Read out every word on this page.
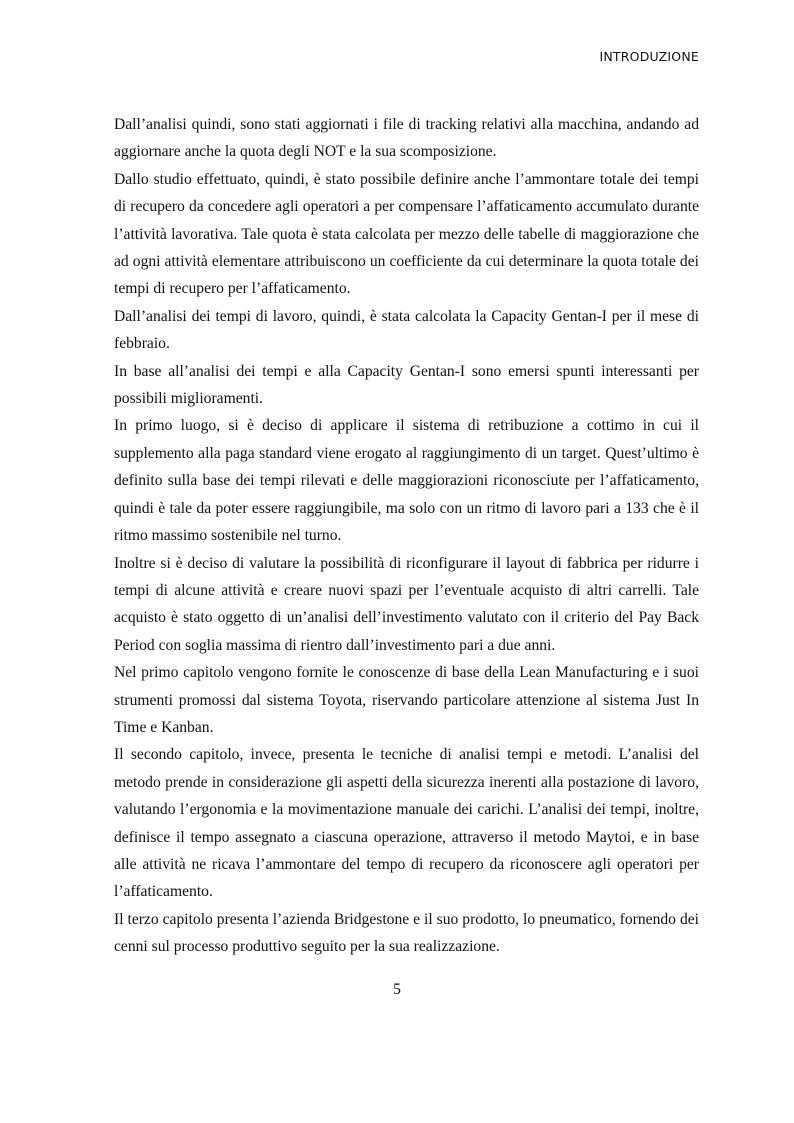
INTRODUZIONE

Dall’analisi quindi, sono stati aggiornati i file di tracking relativi alla macchina, andando ad aggiornare anche la quota degli NOT e la sua scomposizione.

Dallo studio effettuato, quindi, è stato possibile definire anche l’ammontare totale dei tempi di recupero da concedere agli operatori a per compensare l’affaticamento accumulato durante l’attività lavorativa. Tale quota è stata calcolata per mezzo delle tabelle di maggiorazione che ad ogni attività elementare attribuiscono un coefficiente da cui determinare la quota totale dei tempi di recupero per l’affaticamento.

Dall’analisi dei tempi di lavoro, quindi, è stata calcolata la Capacity Gentan-I per il mese di febbraio.

In base all’analisi dei tempi e alla Capacity Gentan-I sono emersi spunti interessanti per possibili miglioramenti.

In primo luogo, si è deciso di applicare il sistema di retribuzione a cottimo in cui il supplemento alla paga standard viene erogato al raggiungimento di un target. Quest’ultimo è definito sulla base dei tempi rilevati e delle maggiorazioni riconosciute per l’affaticamento, quindi è tale da poter essere raggiungibile, ma solo con un ritmo di lavoro pari a 133 che è il ritmo massimo sostenibile nel turno.

Inoltre si è deciso di valutare la possibilità di riconfigurare il layout di fabbrica per ridurre i tempi di alcune attività e creare nuovi spazi per l’eventuale acquisto di altri carrelli. Tale acquisto è stato oggetto di un’analisi dell’investimento valutato con il criterio del Pay Back Period con soglia massima di rientro dall’investimento pari a due anni.

Nel primo capitolo vengono fornite le conoscenze di base della Lean Manufacturing e i suoi strumenti promossi dal sistema Toyota, riservando particolare attenzione al sistema Just In Time e Kanban.

Il secondo capitolo, invece, presenta le tecniche di analisi tempi e metodi. L’analisi del metodo prende in considerazione gli aspetti della sicurezza inerenti alla postazione di lavoro, valutando l’ergonomia e la movimentazione manuale dei carichi. L’analisi dei tempi, inoltre, definisce il tempo assegnato a ciascuna operazione, attraverso il metodo Maytoi, e in base alle attività ne ricava l’ammontare del tempo di recupero da riconoscere agli operatori per l’affaticamento.

Il terzo capitolo presenta l’azienda Bridgestone e il suo prodotto, lo pneumatico, fornendo dei cenni sul processo produttivo seguito per la sua realizzazione.

5
